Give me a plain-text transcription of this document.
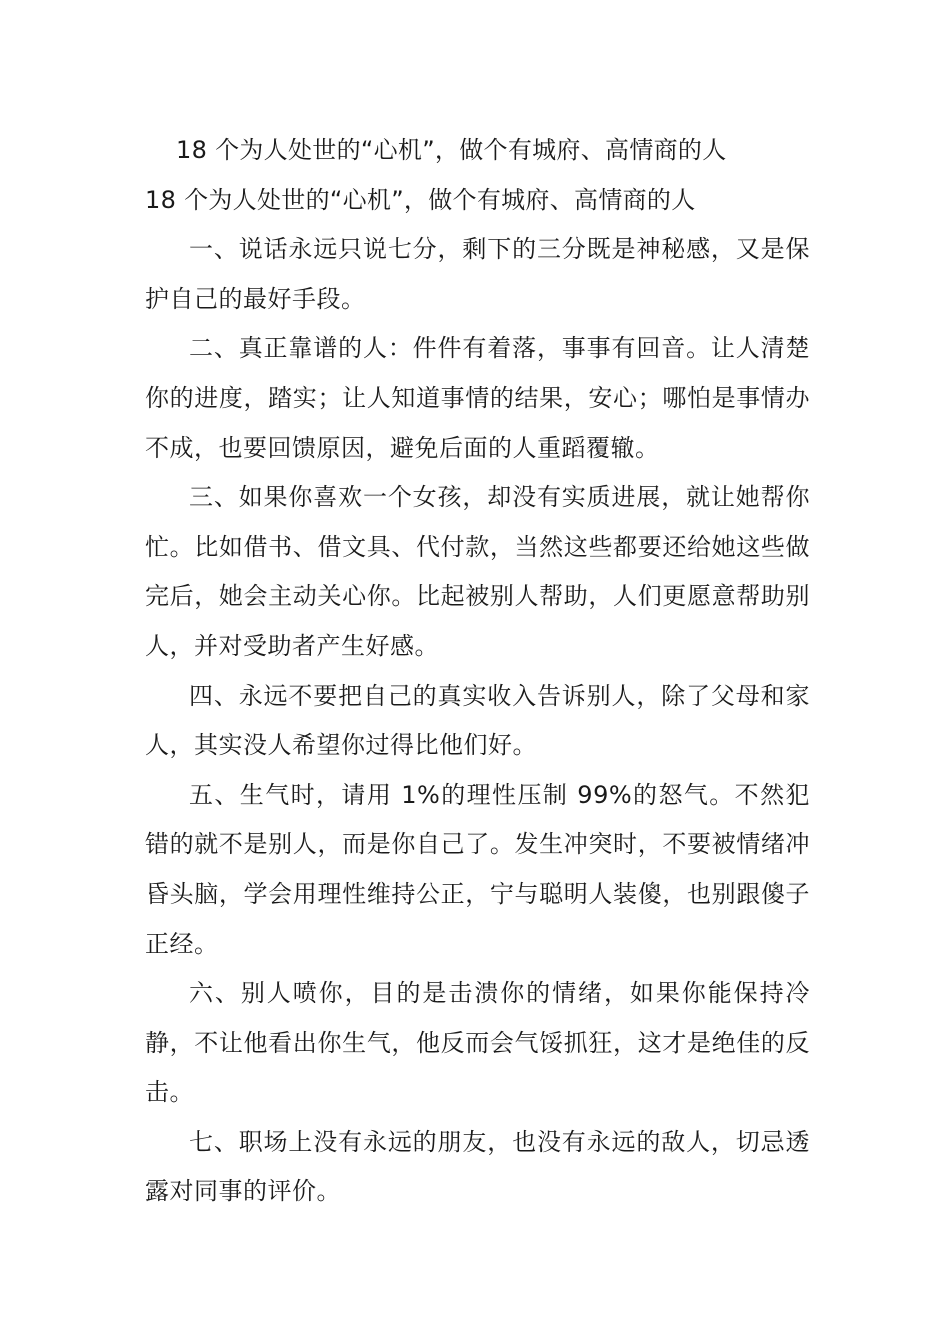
18 个为人处世的“心机”，做个有城府、高情商的人

18 个为人处世的“心机”，做个有城府、高情商的人

一、说话永远只说七分，剩下的三分既是神秘感，又是保护自己的最好手段。

二、真正靠谱的人：件件有着落，事事有回音。让人清楚你的进度，踏实；让人知道事情的结果，安心；哪怕是事情办不成，也要回馈原因，避免后面的人重蹈覆辙。

三、如果你喜欢一个女孩，却没有实质进展，就让她帮你忙。比如借书、借文具、代付款，当然这些都要还给她这些做完后，她会主动关心你。比起被别人帮助，人们更愿意帮助别人，并对受助者产生好感。

四、永远不要把自己的真实收入告诉别人，除了父母和家人，其实没人希望你过得比他们好。

五、生气时，请用 1%的理性压制 99%的怒气。不然犯错的就不是别人，而是你自己了。发生冲突时，不要被情绪冲昏头脑，学会用理性维持公正，宁与聪明人装傻，也别跟傻子正经。

六、别人喷你，目的是击溃你的情绪，如果你能保持冷静，不让他看出你生气，他反而会气馁抓狂，这才是绝佳的反击。

七、职场上没有永远的朋友，也没有永远的敌人，切忌透露对同事的评价。
